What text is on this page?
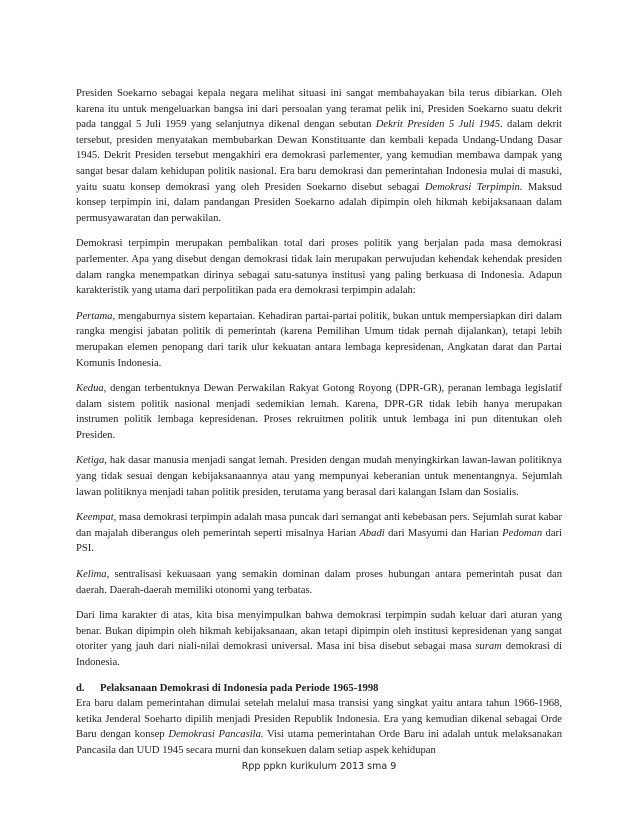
Presiden Soekarno sebagai kepala negara melihat situasi ini sangat membahayakan bila terus dibiarkan. Oleh karena itu untuk mengeluarkan bangsa ini dari persoalan yang teramat pelik ini, Presiden Soekarno suatu dekrit pada tanggal 5 Juli 1959 yang selanjutnya dikenal dengan sebutan Dekrit Presiden 5 Juli 1945. dalam dekrit tersebut, presiden menyatakan membubarkan Dewan Konstituante dan kembali kepada Undang-Undang Dasar 1945. Dekrit Presiden tersebut mengakhiri era demokrasi parlementer, yang kemudian membawa dampak yang sangat besar dalam kehidupan politik nasional. Era baru demokrasi dan pemerintahan Indonesia mulai di masuki, yaitu suatu konsep demokrasi yang oleh Presiden Soekarno disebut sebagai Demokrasi Terpimpin. Maksud konsep terpimpin ini, dalam pandangan Presiden Soekarno adalah dipimpin oleh hikmah kebijaksanaan dalam permusyawaratan dan perwakilan.

Demokrasi terpimpin merupakan pembalikan total dari proses politik yang berjalan pada masa demokrasi parlementer. Apa yang disebut dengan demokrasi tidak lain merupakan perwujudan kehendak kehendak presiden dalam rangka menempatkan dirinya sebagai satu-satunya institusi yang paling berkuasa di Indonesia. Adapun karakteristik yang utama dari perpolitikan pada era demokrasi terpimpin adalah:

Pertama, mengaburnya sistem kepartaian. Kehadiran partai-partai politik, bukan untuk mempersiapkan diri dalam rangka mengisi jabatan politik di pemerintah (karena Pemilihan Umum tidak pernah dijalankan), tetapi lebih merupakan elemen penopang dari tarik ulur kekuatan antara lembaga kepresidenan, Angkatan darat dan Partai Komunis Indonesia.

Kedua, dengan terbentuknya Dewan Perwakilan Rakyat Gotong Royong (DPR-GR), peranan lembaga legislatif dalam sistem politik nasional menjadi sedemikian lemah. Karena, DPR-GR tidak lebih hanya merupakan instrumen politik lembaga kepresidenan. Proses rekruitmen politik untuk lembaga ini pun ditentukan oleh Presiden.

Ketiga, hak dasar manusia menjadi sangat lemah. Presiden dengan mudah menyingkirkan lawan-lawan politiknya yang tidak sesuai dengan kebijaksanaannya atau yang mempunyai keberanian untuk menentangnya. Sejumlah lawan politiknya menjadi tahan politik presiden, terutama yang berasal dari kalangan Islam dan Sosialis.

Keempat, masa demokrasi terpimpin adalah masa puncak dari semangat anti kebebasan pers. Sejumlah surat kabar dan majalah diberangus oleh pemerintah seperti misalnya Harian Abadi dari Masyumi dan Harian Pedoman dari PSI.

Kelima, sentralisasi kekuasaan yang semakin dominan dalam proses hubungan antara pemerintah pusat dan daerah. Daerah-daerah memiliki otonomi yang terbatas.

Dari lima karakter di atas, kita bisa menyimpulkan bahwa demokrasi terpimpin sudah keluar dari aturan yang benar. Bukan dipimpin oleh hikmah kebijaksanaan, akan tetapi dipimpin oleh institusi kepresidenan yang sangat otoriter yang jauh dari niali-nilai demokrasi universal. Masa ini bisa disebut sebagai masa suram demokrasi di Indonesia.

d. Pelaksanaan Demokrasi di Indonesia pada Periode 1965-1998

Era baru dalam pemerintahan dimulai setelah melalui masa transisi yang singkat yaitu antara tahun 1966-1968, ketika Jenderal Soeharto dipilih menjadi Presiden Republik Indonesia. Era yang kemudian dikenal sebagai Orde Baru dengan konsep Demokrasi Pancasila. Visi utama pemerintahan Orde Baru ini adalah untuk melaksanakan Pancasila dan UUD 1945 secara murni dan konsekuen dalam setiap aspek kehidupan

Rpp ppkn kurikulum 2013 sma 9
